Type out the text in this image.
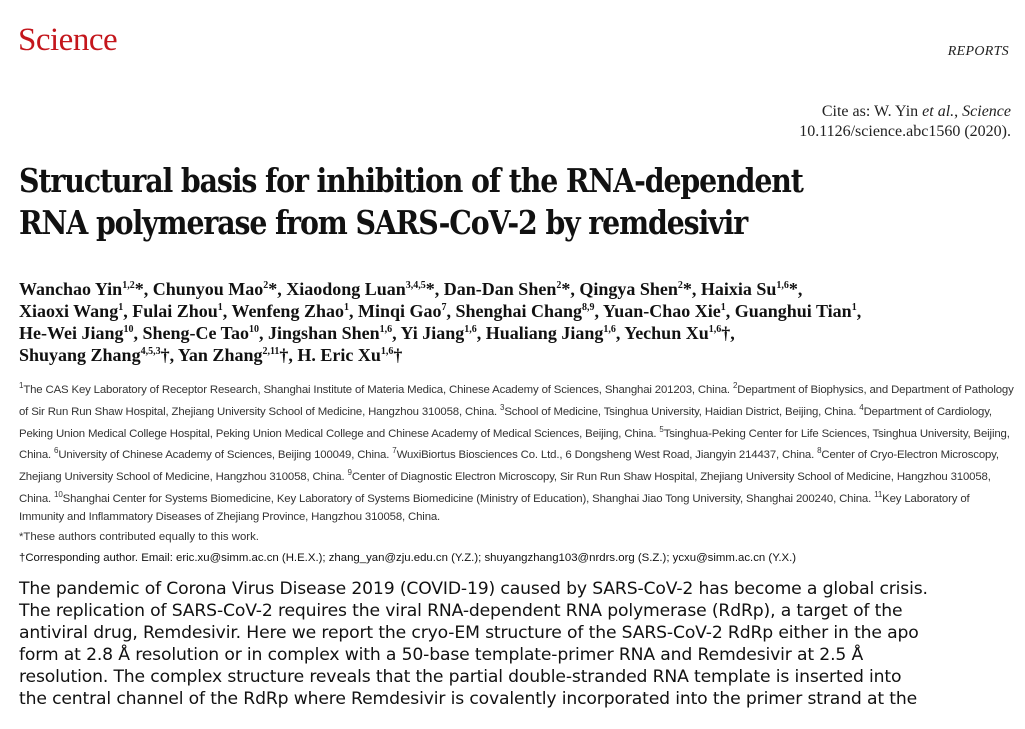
Science	REPORTS
Cite as: W. Yin et al., Science
10.1126/science.abc1560 (2020).
Structural basis for inhibition of the RNA-dependent
RNA polymerase from SARS-CoV-2 by remdesivir
Wanchao Yin$^{1,2}$*, Chunyou Mao$^2$*, Xiaodong Luan$^{3,4,5}$*, Dan-Dan Shen$^2$*, Qingya Shen$^2$*, Haixia Su$^{1,6}$*,
Xiaoxi Wang$^1$, Fulai Zhou$^1$, Wenfeng Zhao$^1$, Minqi Gao$^7$, Shenghai Chang$^{8,9}$, Yuan-Chao Xie$^1$, Guanghui Tian$^1$,
He-Wei Jiang$^{10}$, Sheng-Ce Tao$^{10}$, Jingshan Shen$^{1,6}$, Yi Jiang$^{1,6}$, Hualiang Jiang$^{1,6}$, Yechun Xu$^{1,6}$†,
Shuyang Zhang$^{4,5,3}$†, Yan Zhang$^{2,11}$†, H. Eric Xu$^{1,6}$†

$^1$The CAS Key Laboratory of Receptor Research, Shanghai Institute of Materia Medica, Chinese Academy of Sciences, Shanghai 201203, China. $^2$Department of Biophysics, and Department of Pathology of Sir Run Run Shaw Hospital, Zhejiang University School of Medicine, Hangzhou 310058, China. $^3$School of Medicine, Tsinghua University, Haidian District, Beijing, China. $^4$Department of Cardiology, Peking Union Medical College Hospital, Peking Union Medical College and Chinese Academy of Medical Sciences, Beijing, China. $^5$Tsinghua-Peking Center for Life Sciences, Tsinghua University, Beijing, China. $^6$University of Chinese Academy of Sciences, Beijing 100049, China. $^7$WuxiBiortus Biosciences Co. Ltd., 6 Dongsheng West Road, Jiangyin 214437, China. $^8$Center of Cryo-Electron Microscopy, Zhejiang University School of Medicine, Hangzhou 310058, China. $^9$Center of Diagnostic Electron Microscopy, Sir Run Run Shaw Hospital, Zhejiang University School of Medicine, Hangzhou 310058, China. $^{10}$Shanghai Center for Systems Biomedicine, Key Laboratory of Systems Biomedicine (Ministry of Education), Shanghai Jiao Tong University, Shanghai 200240, China. $^{11}$Key Laboratory of Immunity and Inflammatory Diseases of Zhejiang Province, Hangzhou 310058, China.

*These authors contributed equally to this work.
†Corresponding author. Email: eric.xu@simm.ac.cn (H.E.X.); zhang_yan@zju.edu.cn (Y.Z.); shuyangzhang103@nrdrs.org (S.Z.); ycxu@simm.ac.cn (Y.X.)
The pandemic of Corona Virus Disease 2019 (COVID-19) caused by SARS-CoV-2 has become a global crisis.
The replication of SARS-CoV-2 requires the viral RNA-dependent RNA polymerase (RdRp), a target of the
antiviral drug, Remdesivir. Here we report the cryo-EM structure of the SARS-CoV-2 RdRp either in the apo
form at 2.8 Å resolution or in complex with a 50-base template-primer RNA and Remdesivir at 2.5 Å
resolution. The complex structure reveals that the partial double-stranded RNA template is inserted into
the central channel of the RdRp where Remdesivir is covalently incorporated into the primer strand at the
